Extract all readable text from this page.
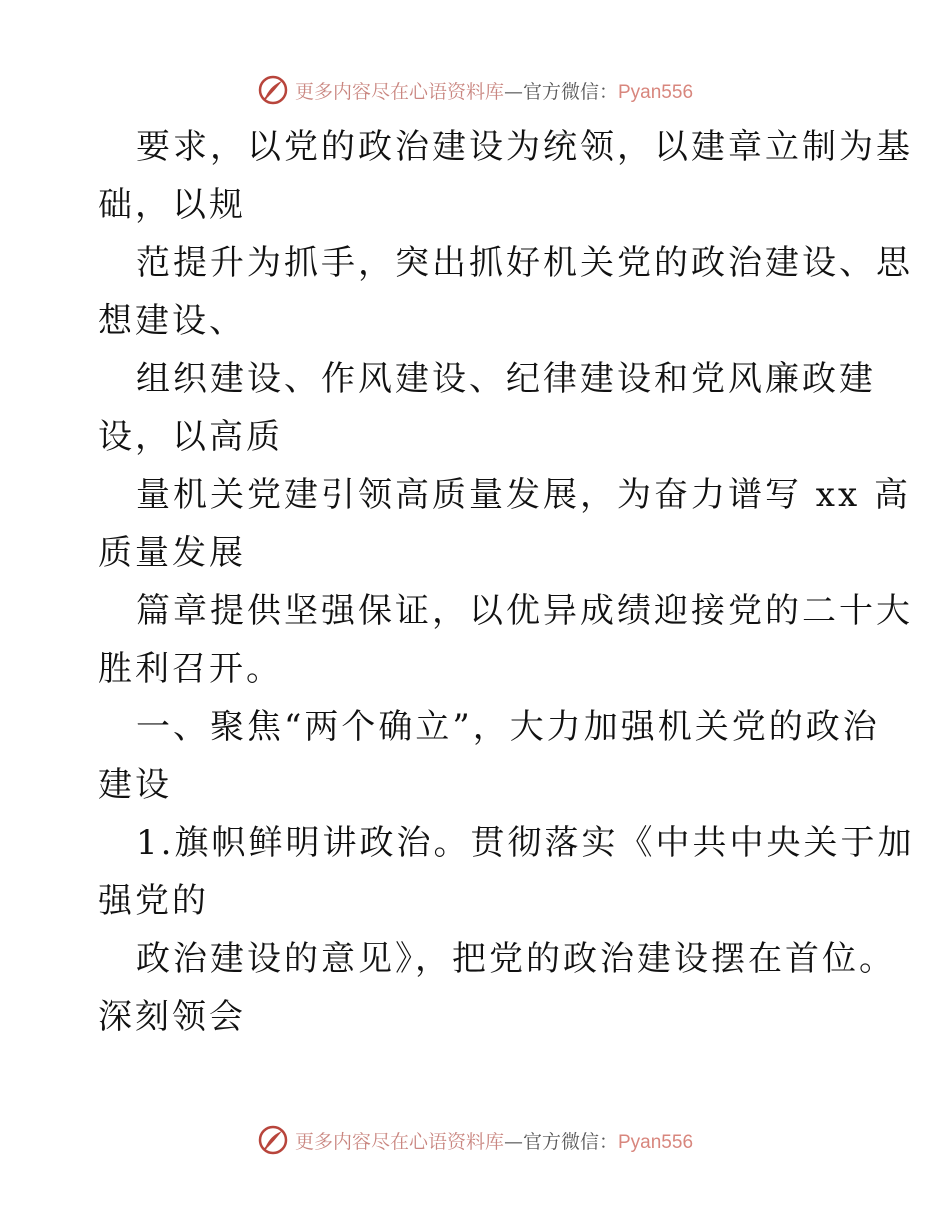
更多内容尽在心语资料库—官方微信：Pyan556
要求，以党的政治建设为统领，以建章立制为基
础，以规
范提升为抓手，突出抓好机关党的政治建设、思
想建设、
组织建设、作风建设、纪律建设和党风廉政建
设，以高质
量机关党建引领高质量发展，为奋力谱写 xx 高
质量发展
篇章提供坚强保证，以优异成绩迎接党的二十大
胜利召开。
一、聚焦“两个确立”，大力加强机关党的政治
建设
1.旗帜鲜明讲政治。贯彻落实《中共中央关于加
强党的
政治建设的意见》，把党的政治建设摆在首位。
深刻领会
更多内容尽在心语资料库—官方微信：Pyan556
